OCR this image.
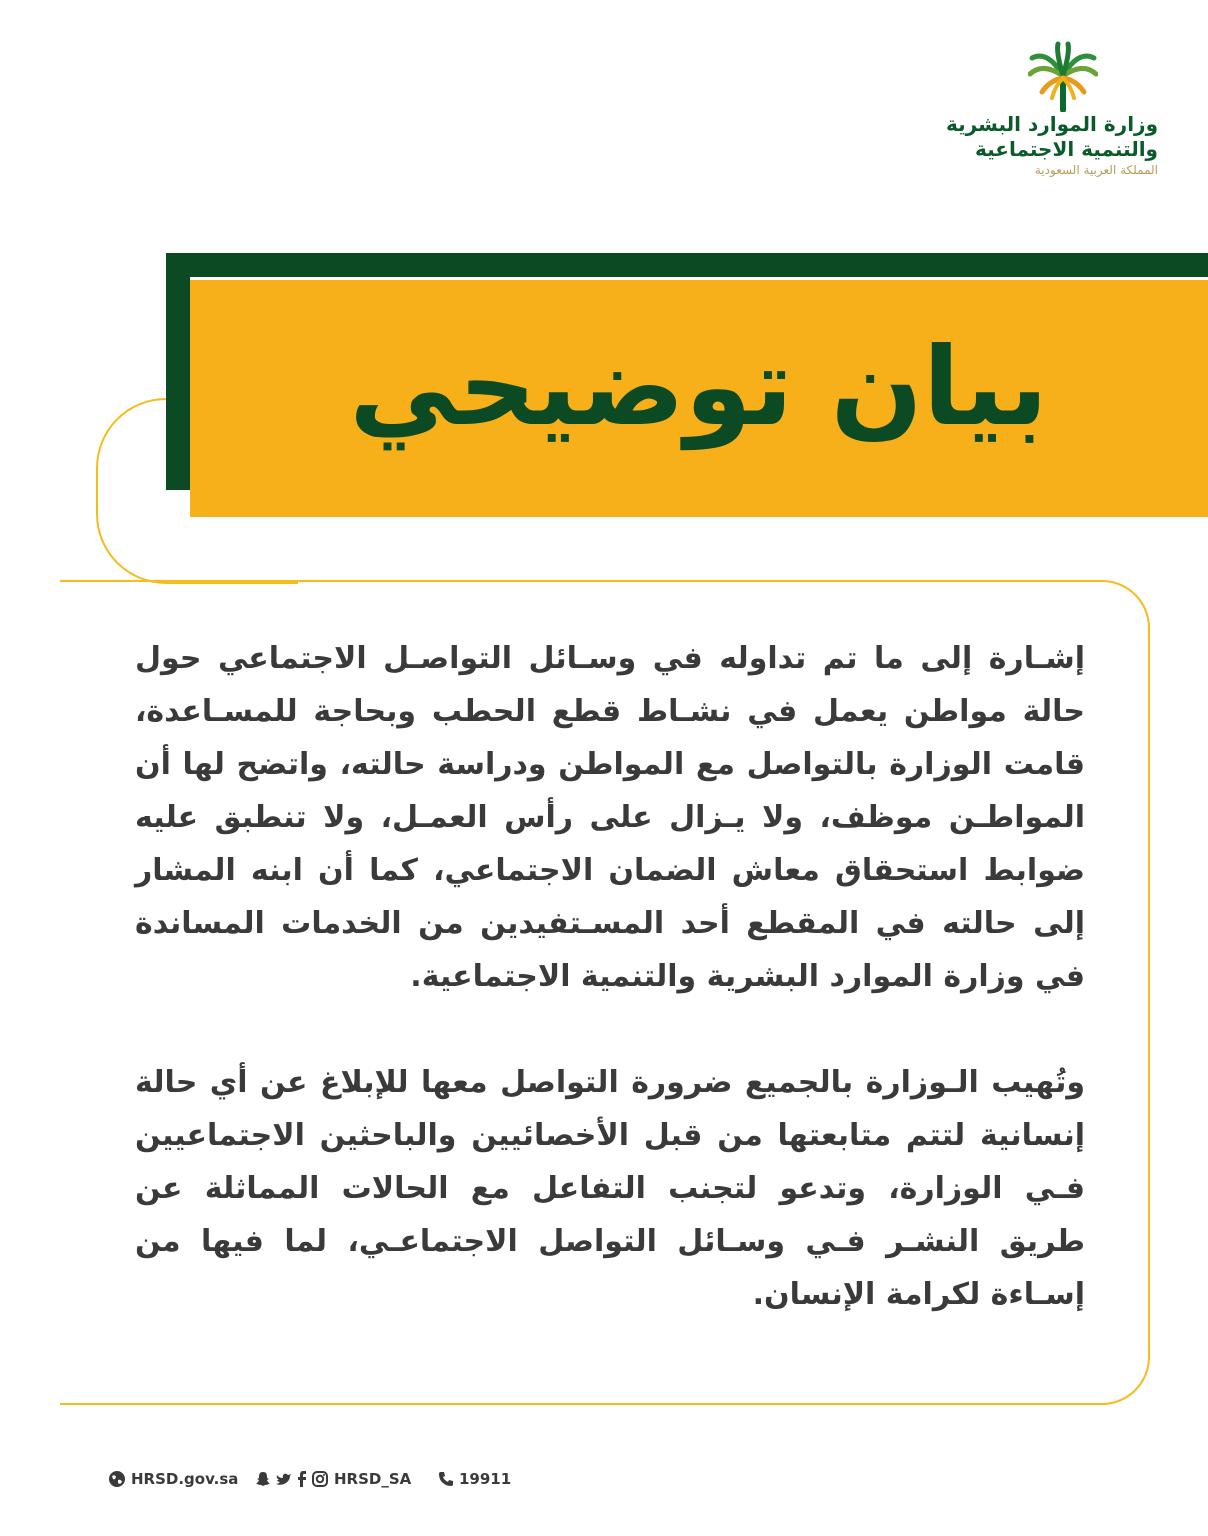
وزارة الموارد البشرية
والتنمية الاجتماعية
المملكة العربية السعودية
بيان توضيحي

إشـارة إلى ما تم تداوله في وسـائل التواصـل الاجتماعي حول حالة مواطن يعمل في نشـاط قطع الحطب وبحاجة للمسـاعدة، قامت الوزارة بالتواصل مع المواطن ودراسة حالته، واتضح لها أن المواطـن موظف، ولا يـزال على رأس العمـل، ولا تنطبق عليه ضوابط استحقاق معاش الضمان الاجتماعي، كما أن ابنه المشار إلى حالته في المقطع أحد المسـتفيدين من الخدمات المساندة في وزارة الموارد البشرية والتنمية الاجتماعية.

وتُهيب الـوزارة بالجميع ضرورة التواصل معها للإبلاغ عن أي حالة إنسانية لتتم متابعتها من قبل الأخصائيين والباحثين الاجتماعيين فـي الوزارة، وتدعو لتجنب التفاعل مع الحالات المماثلة عن طريق النشـر فـي وسـائل التواصل الاجتماعـي، لما فيها من إسـاءة لكرامة الإنسان.

HRSD.gov.sa	HRSD_SA	19911
